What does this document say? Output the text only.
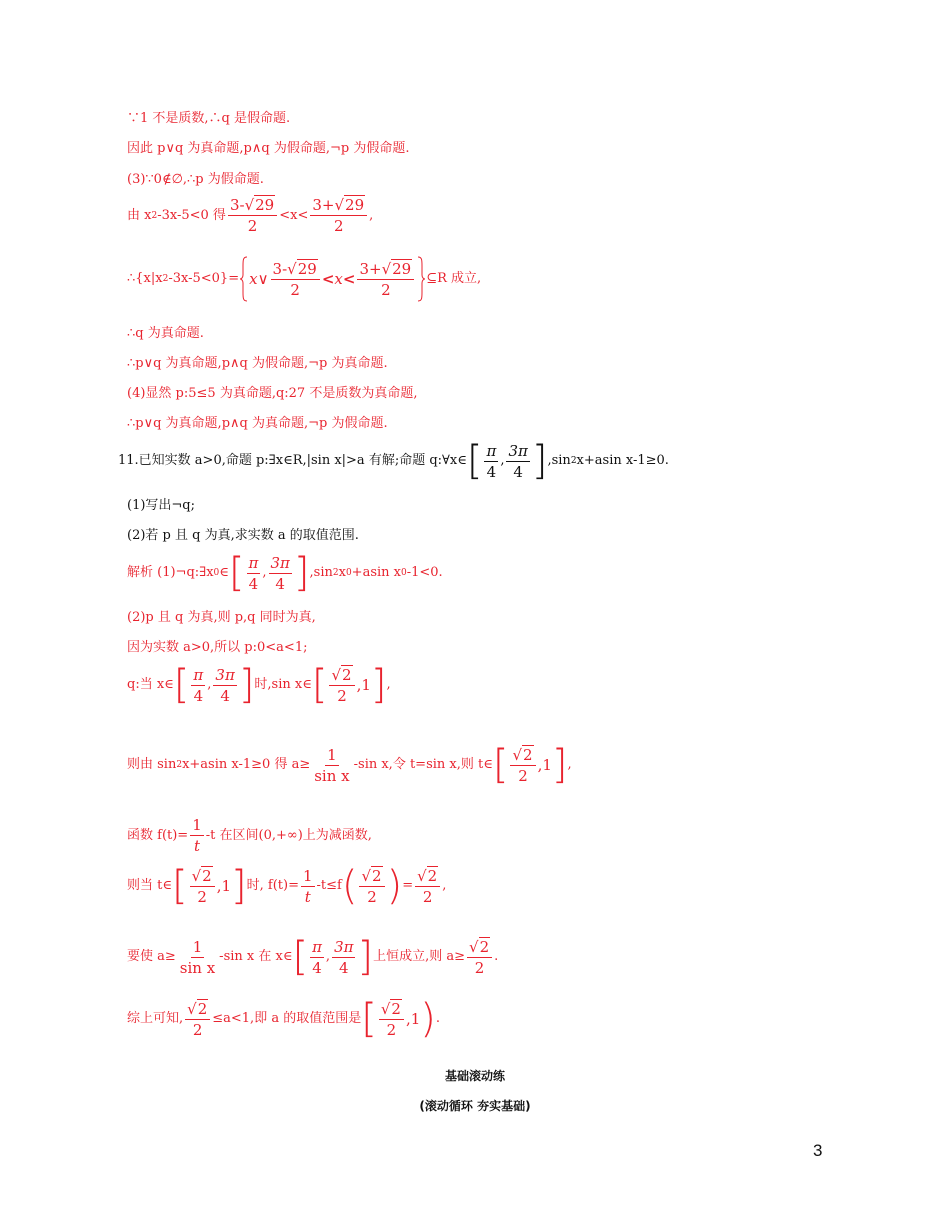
∵1 不是质数,∴q 是假命题.
因此 p∨q 为真命题,p∧q 为假命题,¬p 为假命题.
(3)∵0∉∅,∴p 为假命题.
由 x 2 -3x-5<0 得 $\frac{3-√29}{2} <x< \frac{3+√29}{2}$ ,
∴{x|x 2 -3x-5<0}= x ∨ $\frac{3-√29}{2} < x < \frac{3+√29}{2}$ ⊆R 成立,
∴q 为真命题.
∴p∨q 为真命题,p∧q 为假命题,¬p 为真命题.
(4)显然 p:5≤5 为真命题,q:27 不是质数为真命题,
∴p∨q 为真命题,p∧q 为真命题,¬p 为假命题.
11.已知实数 a>0,命题 p:∃x∈R,|sin x|>a 有解;命题 q:∀x∈ [ $\frac{\pi}{4}$ , $\frac{3\pi}{4}$ ] ,sin 2 x+asin x-1≥0.
(1)写出¬q;
(2)若 p 且 q 为真,求实数 a 的取值范围.
解析 (1)¬q:∃x 0 ∈ [ $\frac{\pi}{4}$ , $\frac{3\pi}{4}$ ] ,sin 2 x 0 +asin x 0 -1<0.
(2)p 且 q 为真,则 p,q 同时为真,
因为实数 a>0,所以 p:0<a<1;
q:当 x∈ [ $\frac{\pi}{4}$ , $\frac{3\pi}{4}$ ] 时,sin x∈ [ $\frac{√2}{2}$ , 1 ] ,
则由 sin 2 x+asin x-1≥0 得 $a\ge \frac{1}{\text{sin x}} -\sin$ x,令 t=sin x,则 t∈ [ $\frac{√2}{2}$ , 1 ] ,
函数 $f(t)= \frac{1}{t} -t$ 在区间(0,+∞)上为减函数,
则当 t∈ [ $\frac{√2}{2}$ , 1 ] 时, $f(t)= \frac{1}{t} -t\le f$ ( $\frac{√2}{2}$ ) = $\frac{√2}{2}$ ,
要使 $a\ge \frac{1}{\text{sin x}} -\sin$ x 在 x∈ [ $\frac{\pi}{4}$ , $\frac{3\pi}{4}$ ] 上恒成立,则 $a\ge \frac{√2}{2}$ .
综上可知, $\frac{√2}{2} \le a<1$,即 a 的取值范围是 [ $\frac{√2}{2}$ , 1 ) .
基础滚动练
(滚动循环 夯实基础)
3
